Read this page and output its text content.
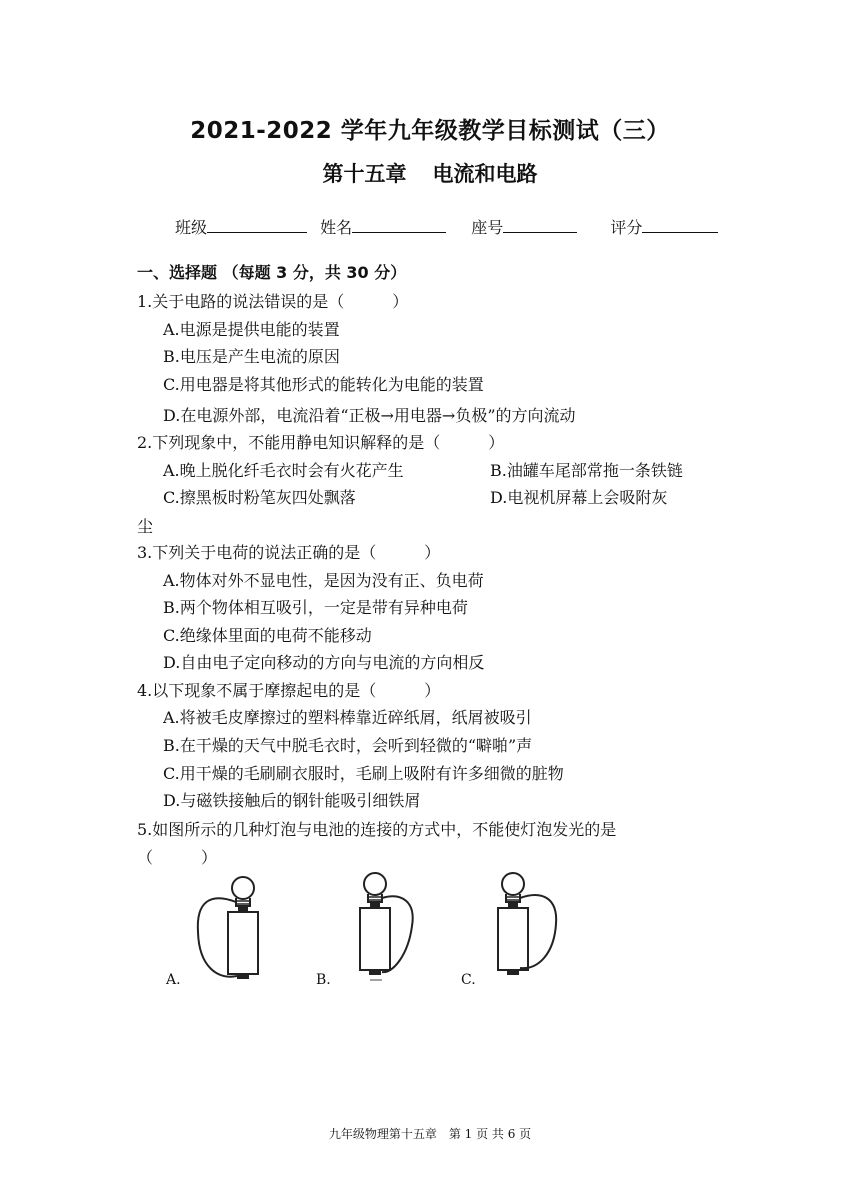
2021-2022 学年九年级教学目标测试（三）
第十五章 电流和电路
班级	姓名	座号	评分
一、选择题 （每题 3 分，共 30 分）
1.关于电路的说法错误的是（　　　）
A.电源是提供电能的装置
B.电压是产生电流的原因
C.用电器是将其他形式的能转化为电能的装置
D.在电源外部，电流沿着“正极→用电器→负极”的方向流动
2.下列现象中，不能用静电知识解释的是（　　　）
A.晚上脱化纤毛衣时会有火花产生	B.油罐车尾部常拖一条铁链
C.擦黑板时粉笔灰四处飘落	D.电视机屏幕上会吸附灰
尘
3.下列关于电荷的说法正确的是（　　　）
A.物体对外不显电性，是因为没有正、负电荷
B.两个物体相互吸引，一定是带有异种电荷
C.绝缘体里面的电荷不能移动
D.自由电子定向移动的方向与电流的方向相反
4.以下现象不属于摩擦起电的是（　　　）
A.将被毛皮摩擦过的塑料棒靠近碎纸屑，纸屑被吸引
B.在干燥的天气中脱毛衣时，会听到轻微的“噼啪”声
C.用干燥的毛刷刷衣服时，毛刷上吸附有许多细微的脏物
D.与磁铁接触后的钢针能吸引细铁屑
5.如图所示的几种灯泡与电池的连接的方式中，不能使灯泡发光的是
（　　　）
A.	B.	C.
九年级物理第十五章　第 1 页 共 6 页
